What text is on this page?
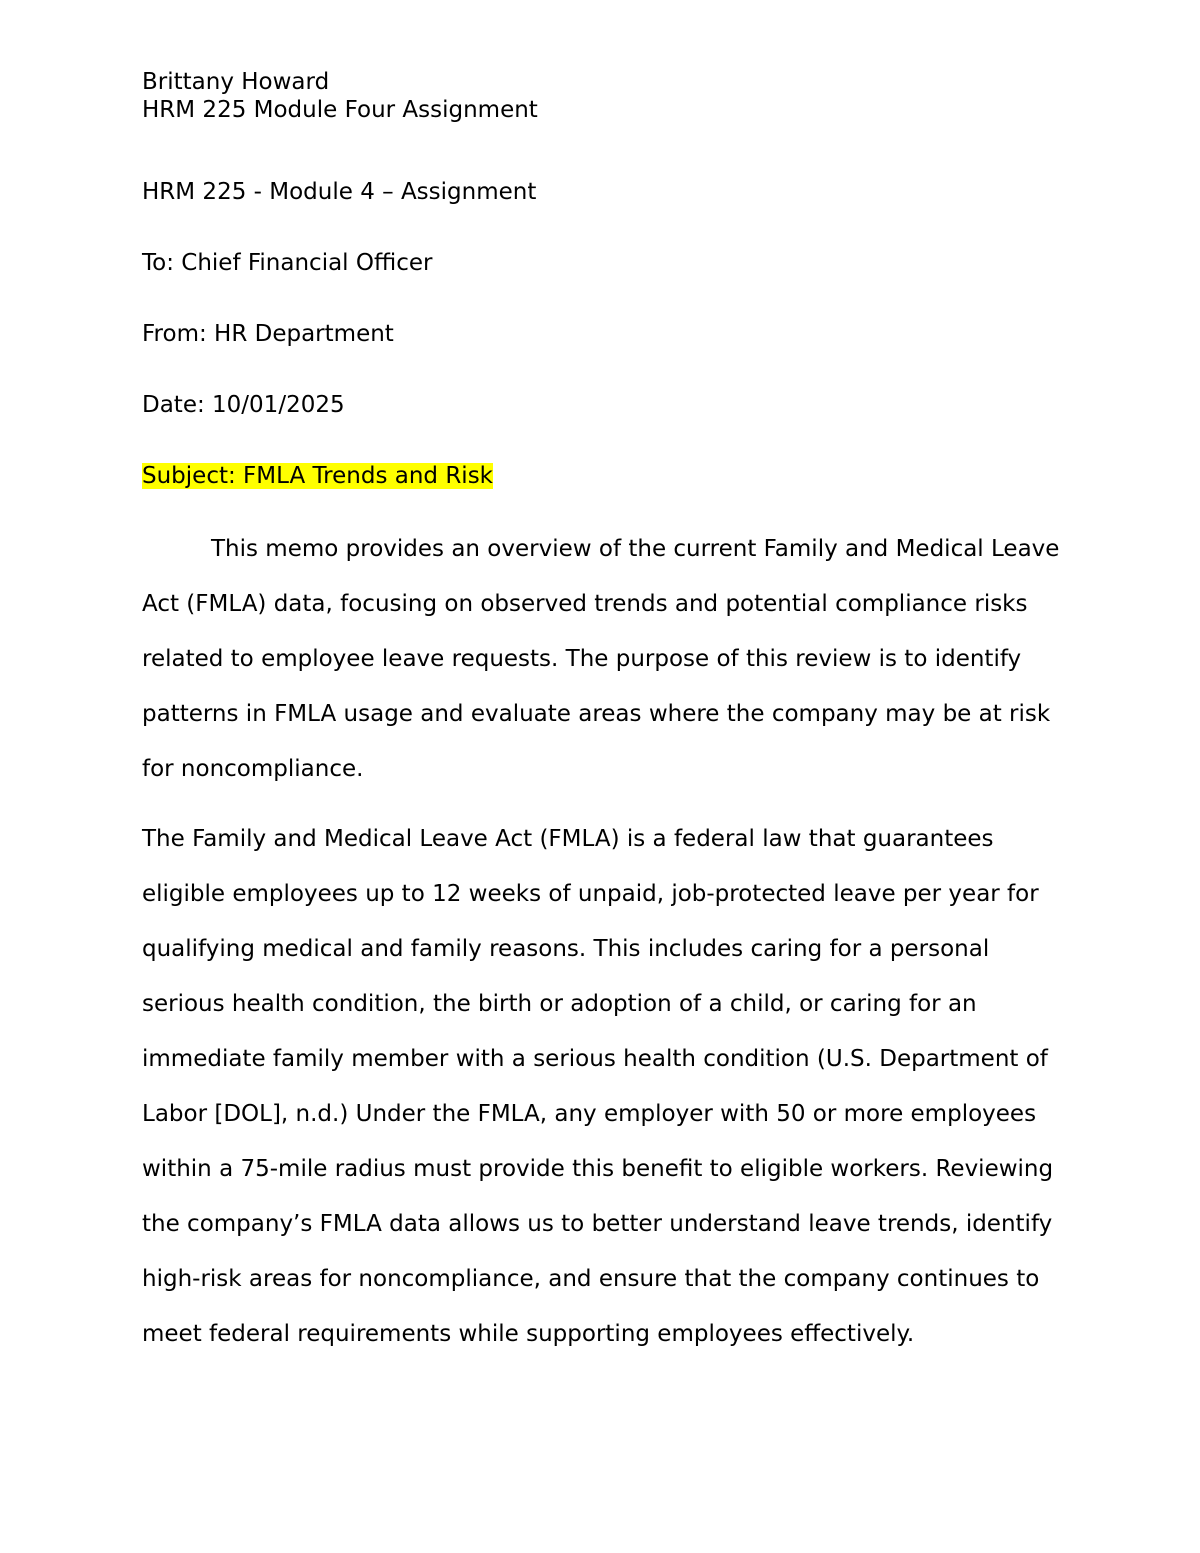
Brittany Howard
HRM 225 Module Four Assignment
HRM 225 - Module 4 – Assignment
To: Chief Financial Officer
From: HR Department
Date: 10/01/2025
Subject: FMLA Trends and Risk

This memo provides an overview of the current Family and Medical Leave Act (FMLA) data, focusing on observed trends and potential compliance risks related to employee leave requests. The purpose of this review is to identify patterns in FMLA usage and evaluate areas where the company may be at risk for noncompliance.

The Family and Medical Leave Act (FMLA) is a federal law that guarantees eligible employees up to 12 weeks of unpaid, job-protected leave per year for qualifying medical and family reasons. This includes caring for a personal serious health condition, the birth or adoption of a child, or caring for an immediate family member with a serious health condition (U.S. Department of Labor [DOL], n.d.) Under the FMLA, any employer with 50 or more employees within a 75-mile radius must provide this benefit to eligible workers. Reviewing the company’s FMLA data allows us to better understand leave trends, identify high-risk areas for noncompliance, and ensure that the company continues to meet federal requirements while supporting employees effectively.
